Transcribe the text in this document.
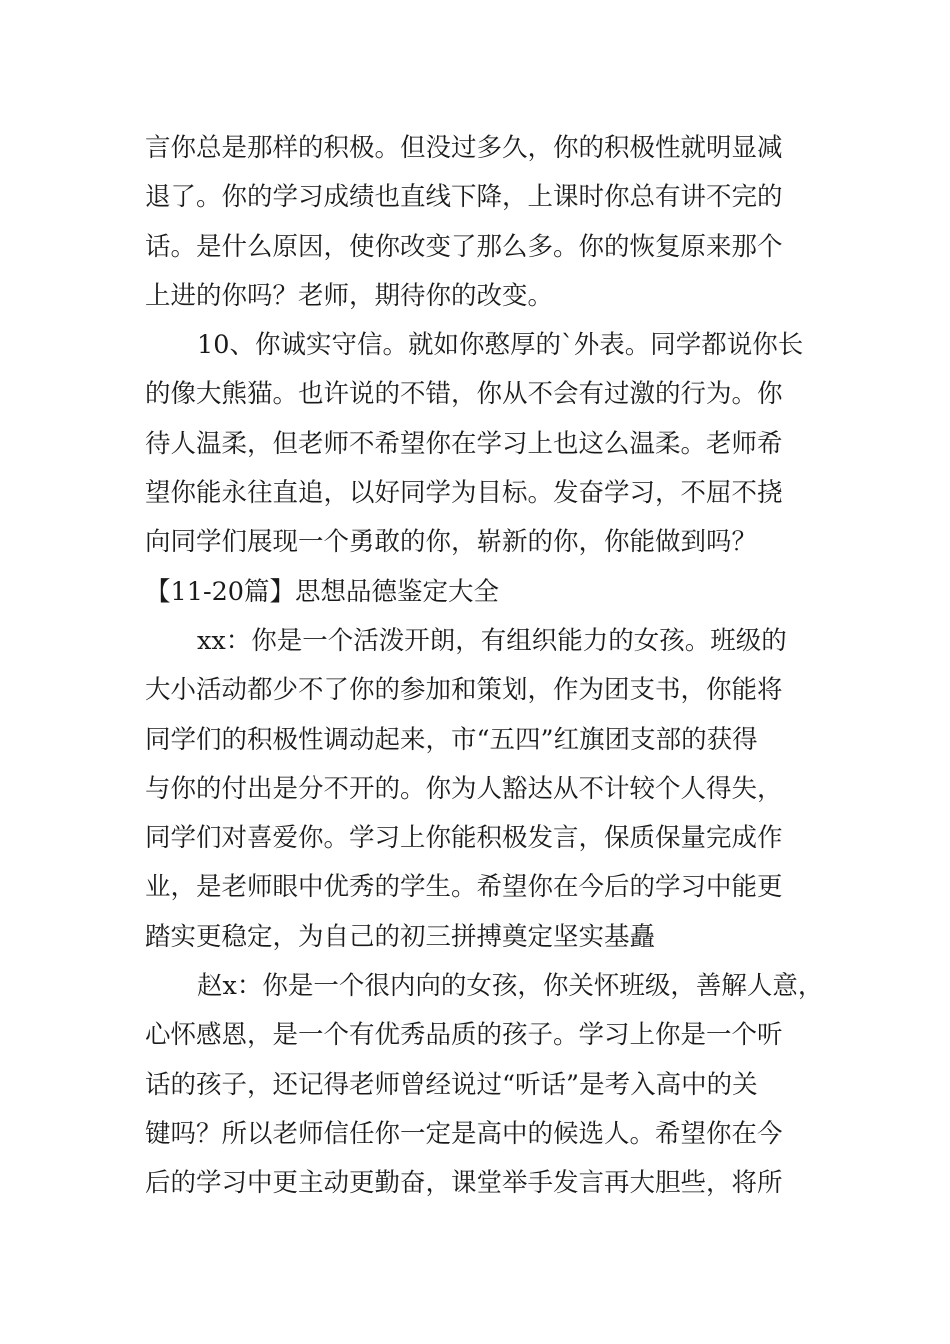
言你总是那样的积极。但没过多久，你的积极性就明显减
退了。你的学习成绩也直线下降，上课时你总有讲不完的
话。是什么原因，使你改变了那么多。你的恢复原来那个
上进的你吗？老师，期待你的改变。
10、你诚实守信。就如你憨厚的`外表。同学都说你长
的像大熊猫。也许说的不错，你从不会有过激的行为。你
待人温柔，但老师不希望你在学习上也这么温柔。老师希
望你能永往直追，以好同学为目标。发奋学习，不屈不挠
向同学们展现一个勇敢的你，崭新的你，你能做到吗？
【11-20篇】思想品德鉴定大全
xx：你是一个活泼开朗，有组织能力的女孩。班级的
大小活动都少不了你的参加和策划，作为团支书，你能将
同学们的积极性调动起来，市“五四”红旗团支部的获得
与你的付出是分不开的。你为人豁达从不计较个人得失，
同学们对喜爱你。学习上你能积极发言，保质保量完成作
业，是老师眼中优秀的学生。希望你在今后的学习中能更
踏实更稳定，为自己的初三拼搏奠定坚实基矗
赵x：你是一个很内向的女孩，你关怀班级，善解人意，
心怀感恩，是一个有优秀品质的孩子。学习上你是一个听
话的孩子，还记得老师曾经说过“听话”是考入高中的关
键吗？所以老师信任你一定是高中的候选人。希望你在今
后的学习中更主动更勤奋，课堂举手发言再大胆些，将所
